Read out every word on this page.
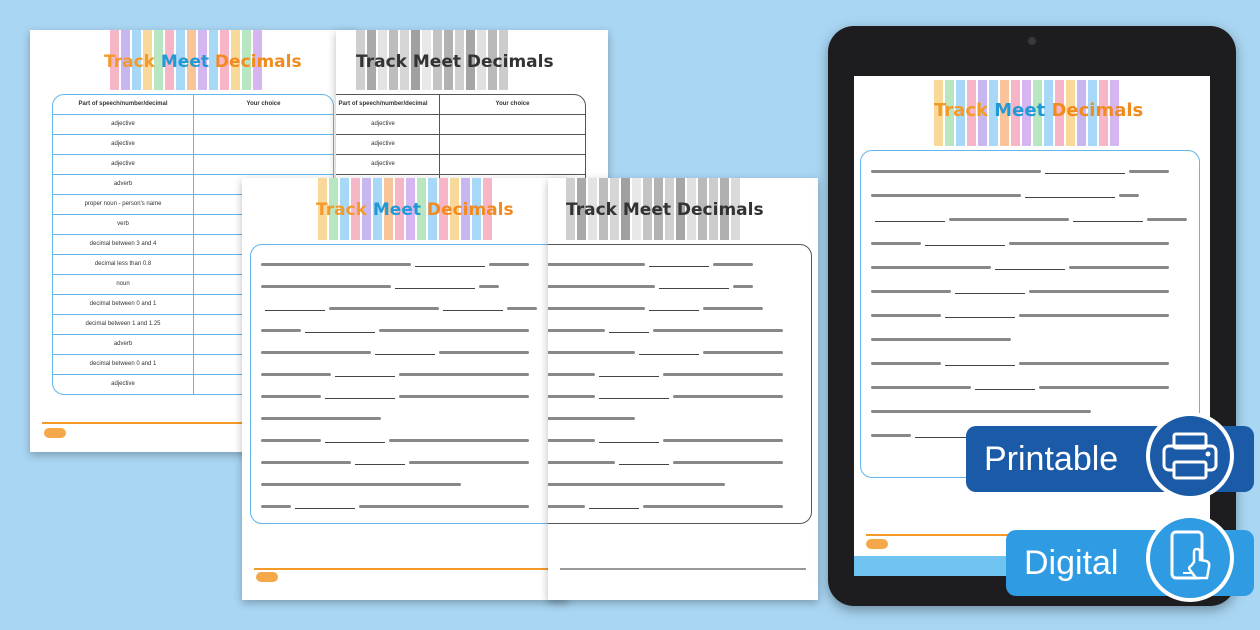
Track Meet Decimals
Part of speech/number/decimal	Your choice
adjective
adjective
adjective
adverb
proper noun - person's name
verb
decimal between 3 and 4
decimal less than 0.8
noun
decimal between 0 and 1
decimal between 1 and 1.25
adverb
decimal between 0 and 1
adjective
Track Meet Decimals
Part of speech/number/decimal	Your choice
adjective
adjective
adjective
Track Meet Decimals	Track Meet Decimals
Track Meet Decimals
Printable
Digital
